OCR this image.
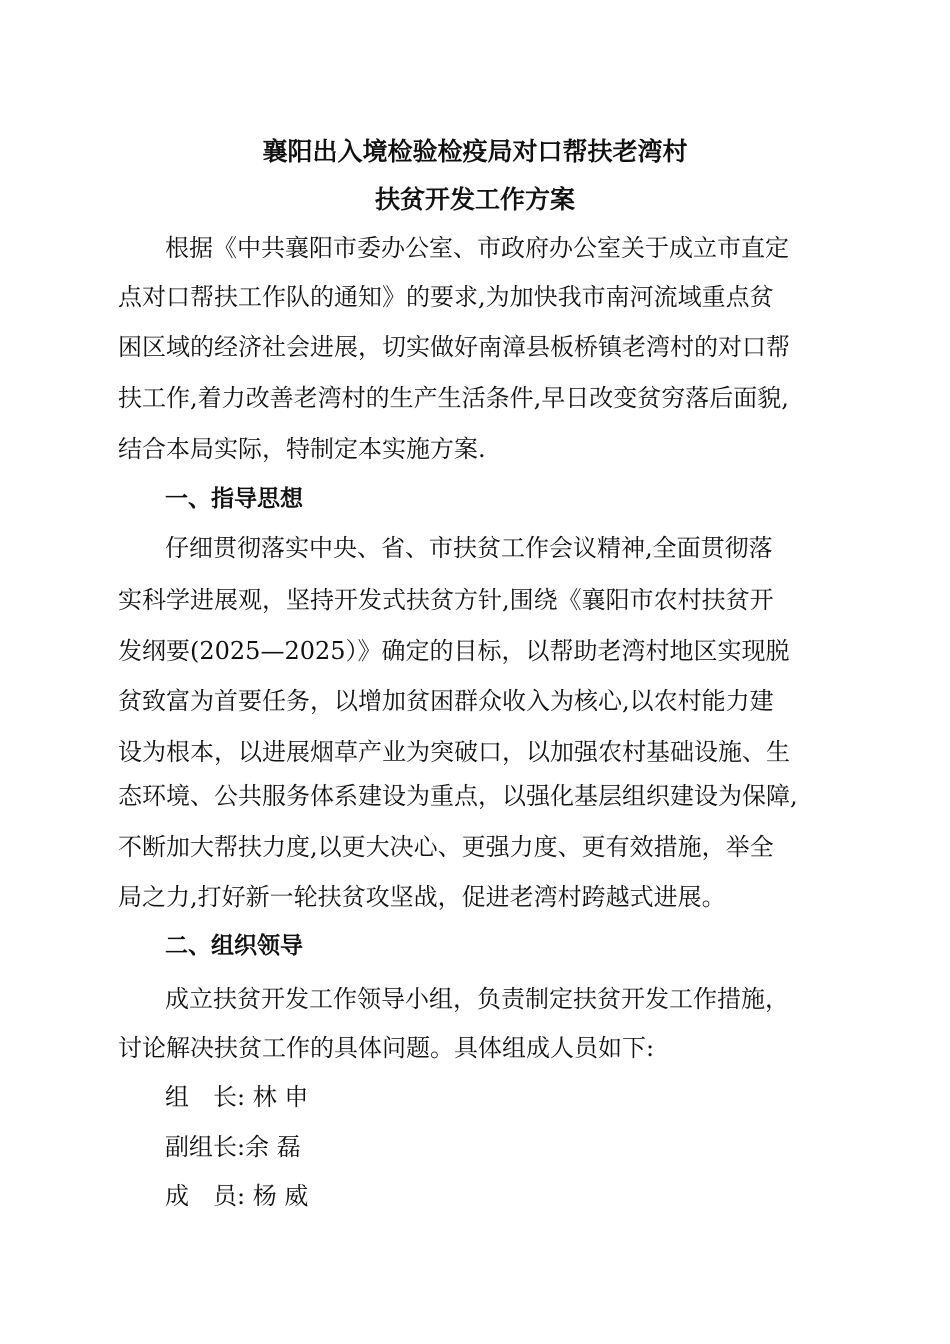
襄阳出入境检验检疫局对口帮扶老湾村
扶贫开发工作方案
根据《中共襄阳市委办公室、市政府办公室关于成立市直定
点对口帮扶工作队的通知》的要求,为加快我市南河流域重点贫
困区域的经济社会进展，切实做好南漳县板桥镇老湾村的对口帮
扶工作,着力改善老湾村的生产生活条件,早日改变贫穷落后面貌,
结合本局实际，特制定本实施方案.
一、指导思想
仔细贯彻落实中央、省、市扶贫工作会议精神,全面贯彻落
实科学进展观，坚持开发式扶贫方针,围绕《襄阳市农村扶贫开
发纲要(2025—2025）》确定的目标，以帮助老湾村地区实现脱
贫致富为首要任务，以增加贫困群众收入为核心,以农村能力建
设为根本，以进展烟草产业为突破口，以加强农村基础设施、生
态环境、公共服务体系建设为重点，以强化基层组织建设为保障,
不断加大帮扶力度,以更大决心、更强力度、更有效措施，举全
局之力,打好新一轮扶贫攻坚战，促进老湾村跨越式进展。
二、组织领导
成立扶贫开发工作领导小组，负责制定扶贫开发工作措施，
讨论解决扶贫工作的具体问题。具体组成人员如下:
组　长: 林 申
副组长:余 磊
成　员: 杨 威
